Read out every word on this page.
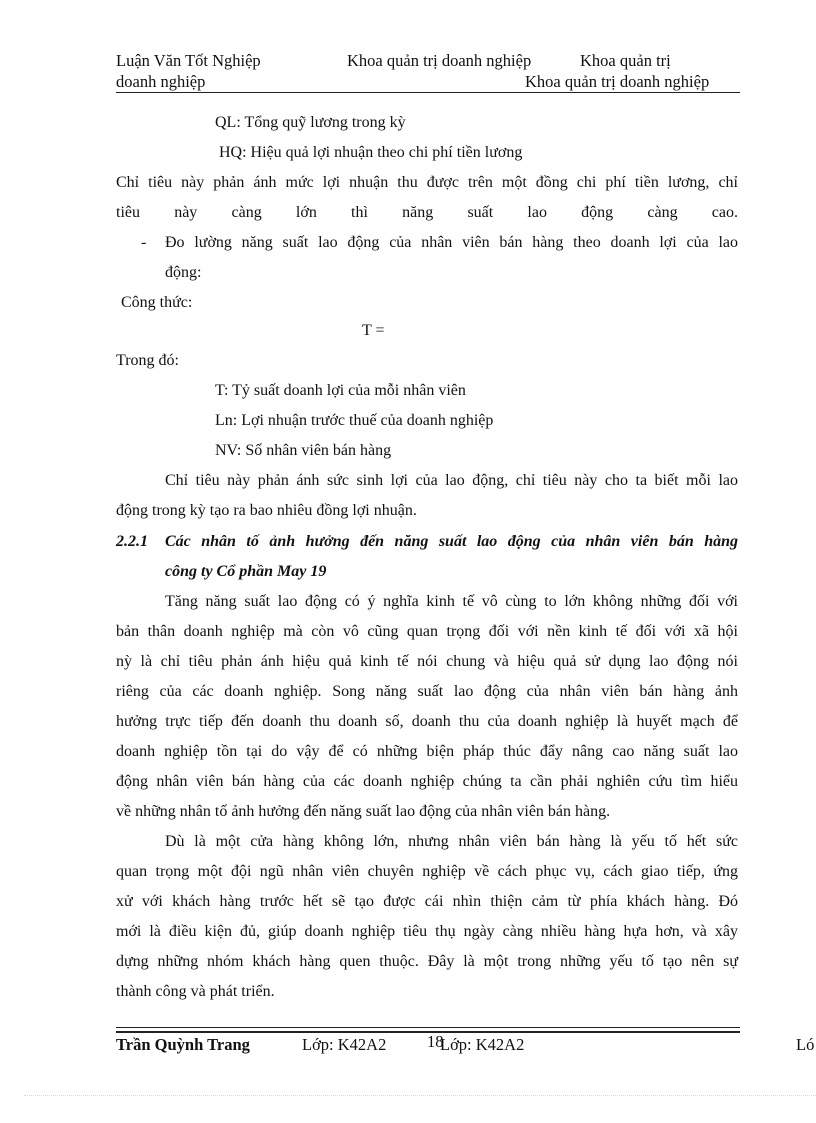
Luận Văn Tốt Nghiệp	Khoa quản trị doanh nghiệp	Khoa quản trị
doanh nghiệp	Khoa quản trị doanh nghiệp
QL: Tổng quỹ lương trong kỳ
HQ: Hiệu quả lợi nhuận theo chi phí tiền lương
Chỉ tiêu này phản ánh mức lợi nhuận thu được trên một đồng chi phí tiền lương, chỉ
tiêu này càng lớn thì năng suất lao động càng cao.
- Đo lường năng suất lao động của nhân viên bán hàng theo doanh lợi của lao
động:
Công thức:
T =
Trong đó:
T: Tỷ suất doanh lợi của mỗi nhân viên
Ln: Lợi nhuận trước thuế của doanh nghiệp
NV: Số nhân viên bán hàng
Chỉ tiêu này phản ánh sức sinh lợi của lao động, chỉ tiêu này cho ta biết mỗi lao
động trong kỳ tạo ra bao nhiêu đồng lợi nhuận.
2.2.1 Các nhân tố ảnh hưởng đến năng suất lao động của nhân viên bán hàng
công ty Cổ phần May 19
Tăng năng suất lao động có ý nghĩa kinh tế vô cùng to lớn không những đối với
bản thân doanh nghiệp mà còn vô cũng quan trọng đối với nền kinh tế đối với xã hội
nỳ là chỉ tiêu phản ánh hiệu quả kinh tế nói chung và hiệu quả sử dụng lao động nói
riêng của các doanh nghiệp. Song năng suất lao động của nhân viên bán hàng ảnh
hưởng trực tiếp đến doanh thu doanh số, doanh thu của doanh nghiệp là huyết mạch để
doanh nghiệp tồn tại do vậy để có những biện pháp thúc đẩy nâng cao năng suất lao
động nhân viên bán hàng của các doanh nghiệp chúng ta cần phải nghiên cứu tìm hiểu
về những nhân tố ảnh hưởng đến năng suất lao động của nhân viên bán hàng.
Dù là một cửa hàng không lớn, nhưng nhân viên bán hàng là yếu tố hết sức
quan trọng một đội ngũ nhân viên chuyên nghiệp về cách phục vụ, cách giao tiếp, ứng
xử với khách hàng trước hết sẽ tạo được cái nhìn thiện cảm từ phía khách hàng. Đó
mới là điều kiện đủ, giúp doanh nghiệp tiêu thụ ngày càng nhiều hàng hựa hơn, và xây
dựng những nhóm khách hàng quen thuộc. Đây là một trong những yếu tố tạo nên sự
thành công và phát triển.
Trần Quỳnh Trang	Lớp: K42A2 18
Lớp: K42A2	Ló
